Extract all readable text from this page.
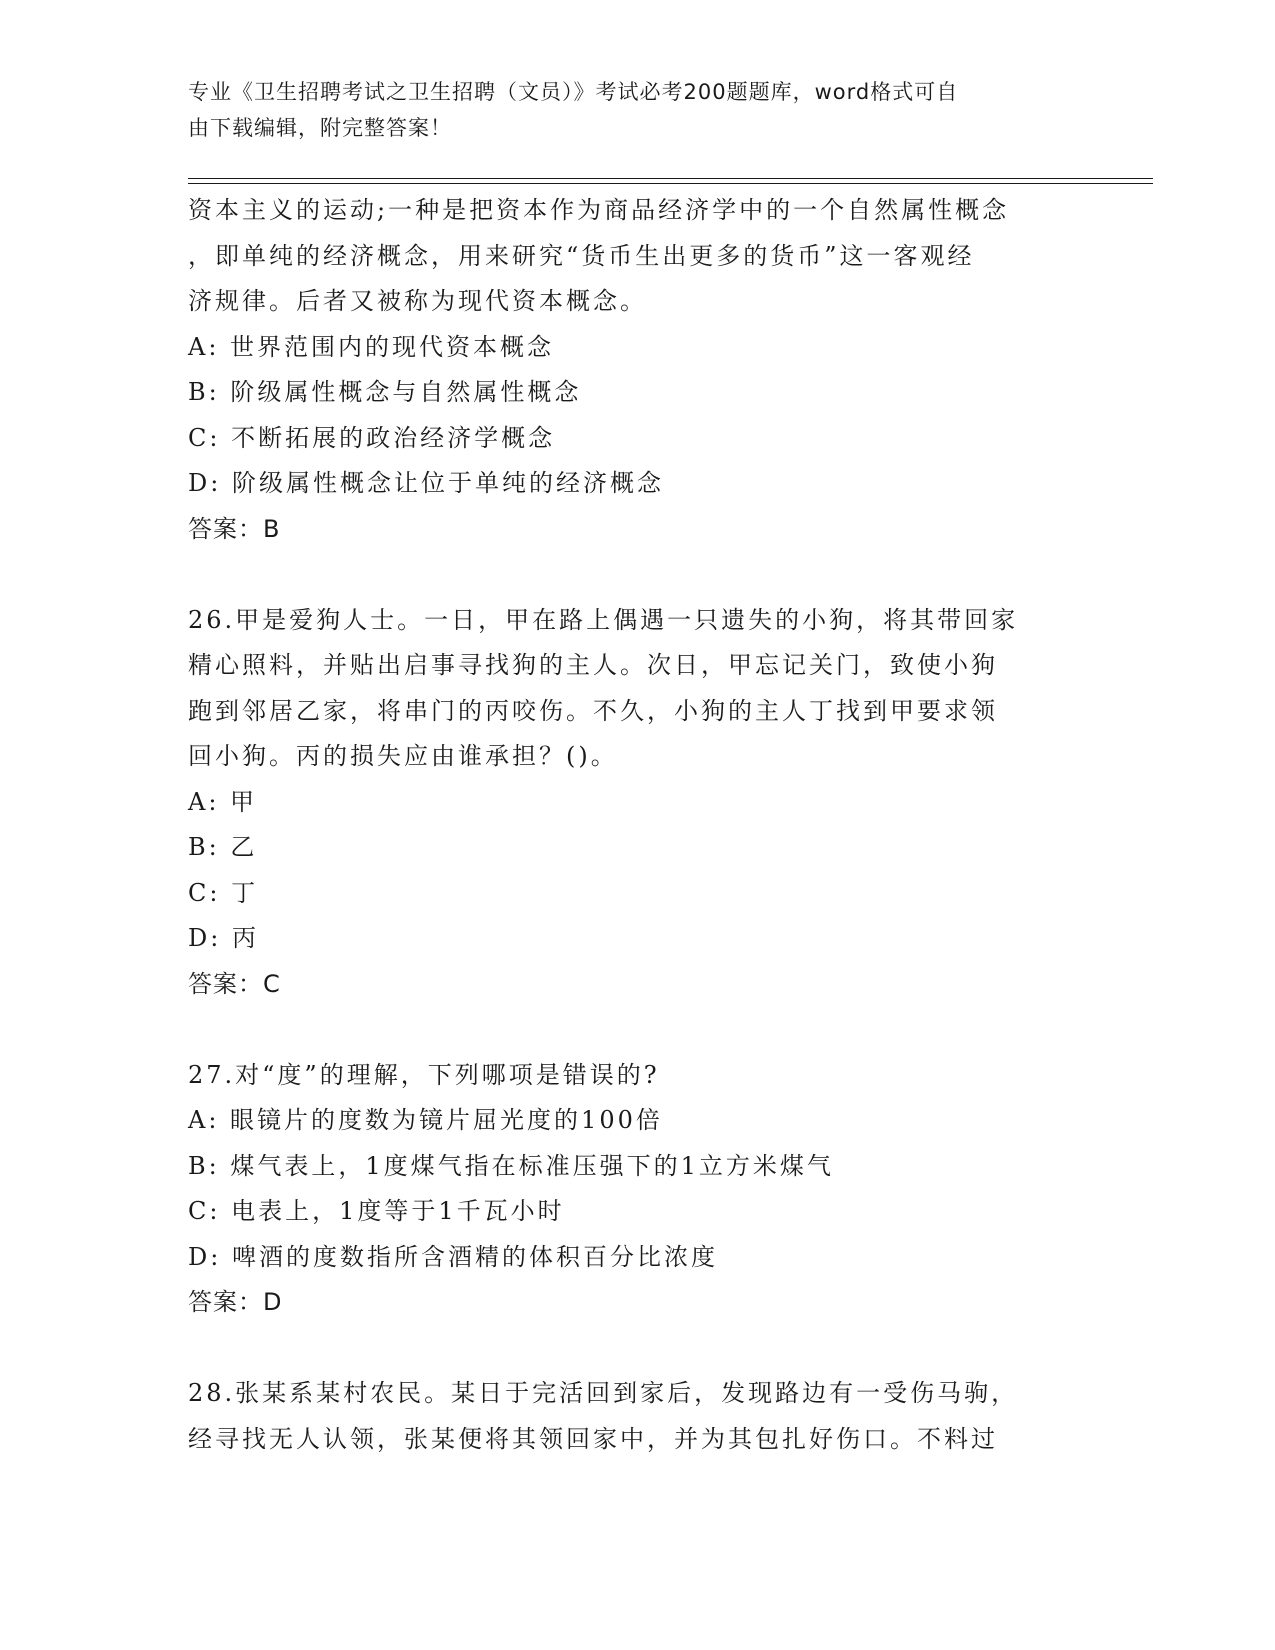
专业《卫生招聘考试之卫生招聘（文员）》考试必考200题题库，word格式可自
由下载编辑，附完整答案！
资本主义的运动;一种是把资本作为商品经济学中的一个自然属性概念
，即单纯的经济概念，用来研究“货币生出更多的货币”这一客观经
济规律。后者又被称为现代资本概念。
A: 世界范围内的现代资本概念
B: 阶级属性概念与自然属性概念
C: 不断拓展的政治经济学概念
D: 阶级属性概念让位于单纯的经济概念
答案：B
26.甲是爱狗人士。一日，甲在路上偶遇一只遗失的小狗，将其带回家
精心照料，并贴出启事寻找狗的主人。次日，甲忘记关门，致使小狗
跑到邻居乙家，将串门的丙咬伤。不久，小狗的主人丁找到甲要求领
回小狗。丙的损失应由谁承担？()。
A: 甲
B: 乙
C: 丁
D: 丙
答案：C
27.对“度”的理解，下列哪项是错误的?
A: 眼镜片的度数为镜片屈光度的100倍
B: 煤气表上，1度煤气指在标准压强下的1立方米煤气
C: 电表上，1度等于1千瓦小时
D: 啤酒的度数指所含酒精的体积百分比浓度
答案：D
28.张某系某村农民。某日于完活回到家后，发现路边有一受伤马驹，
经寻找无人认领，张某便将其领回家中，并为其包扎好伤口。不料过
